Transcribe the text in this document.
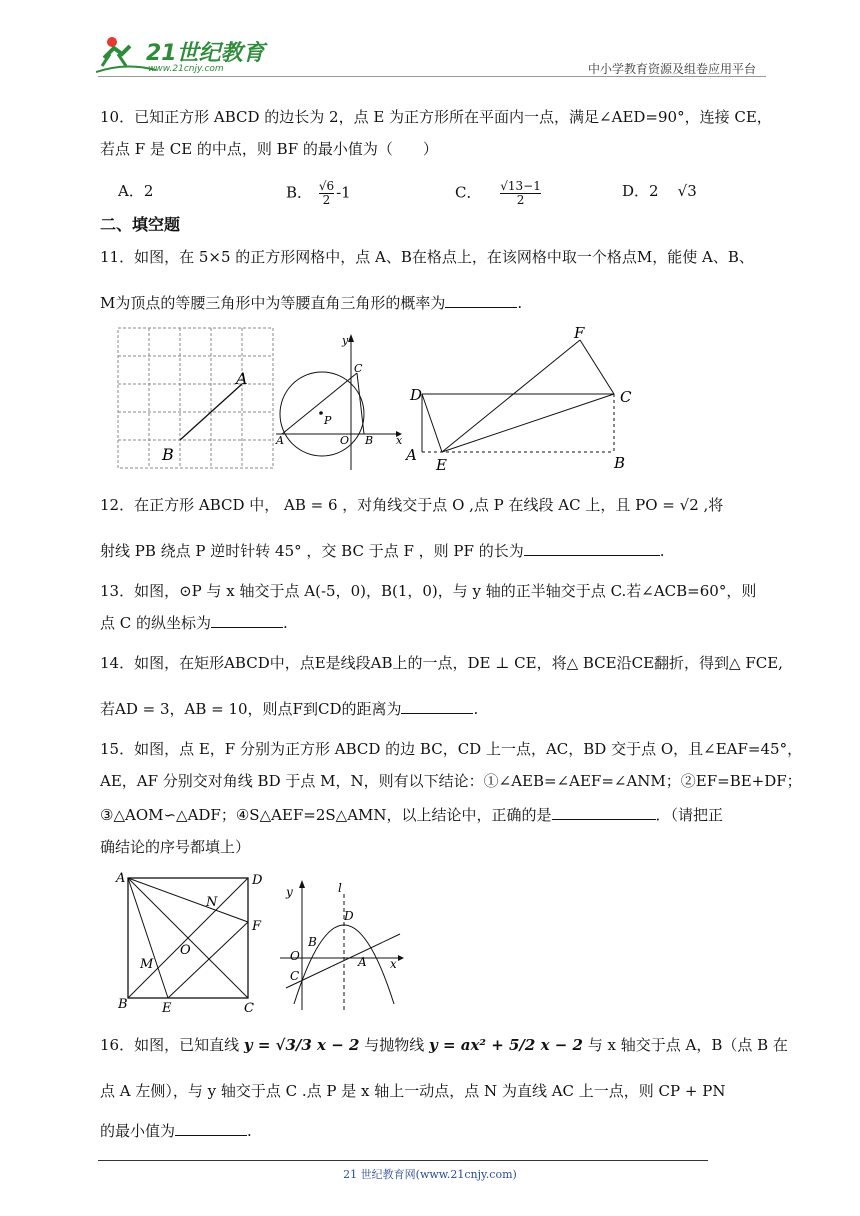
21世纪教育
www.21cnjy.com	中小学教育资源及组卷应用平台
10．已知正方形 ABCD 的边长为 2，点 E 为正方形所在平面内一点，满足∠AED=90°，连接 CE，
若点 F 是 CE 的中点，则 BF 的最小值为（　　）
A．2	B． $\frac{√6}{2} -1$	C． $\frac{√13-1}{2}$	D．2 √3
二、填空题
11．如图，在 5×5 的正方形网格中，点 A、B在格点上，在该网格中取一个格点M，能使 A、B、
M为顶点的等腰三角形中为等腰直角三角形的概率为	.
A
B
y
x
C
P
A	O B
D
F
C
A
E	B
12．在正方形 ABCD 中， AB = 6 ，对角线交于点 O ,点 P 在线段 AC 上，且 PO = √2 ,将
射线 PB 绕点 P 逆时针转 45° ，交 BC 于点 F ，则 PF 的长为	.
13．如图，⊙P 与 x 轴交于点 A(-5，0)，B(1，0)，与 y 轴的正半轴交于点 C.若∠ACB=60°，则
点 C 的纵坐标为	.
14．如图，在矩形ABCD中，点E是线段AB上的一点，DE ⊥ CE，将△ BCE沿CE翻折，得到△ FCE,
若AD = 3，AB = 10，则点F到CD的距离为	.
15．如图，点 E，F 分别为正方形 ABCD 的边 BC，CD 上一点，AC，BD 交于点 O，且∠EAF=45°，
AE，AF 分别交对角线 BD 于点 M，N，则有以下结论：①∠AEB=∠AEF=∠ANM；②EF=BE+DF；
③△AOM∽△ADF；④S△AEF=2S△AMN，以上结论中，正确的是	．（请把正
确结论的序号都填上）
A	D
N
F
O
M
B	E	C
y	l
D
B
O	A x
C
16．如图，已知直线 y = √3/3 x − 2 与抛物线 y = ax² + 5/2 x − 2 与 x 轴交于点 A，B（点 B 在
点 A 左侧），与 y 轴交于点 C .点 P 是 x 轴上一动点，点 N 为直线 AC 上一点，则 CP + PN
的最小值为	.
21 世纪教育网(www.21cnjy.com)
